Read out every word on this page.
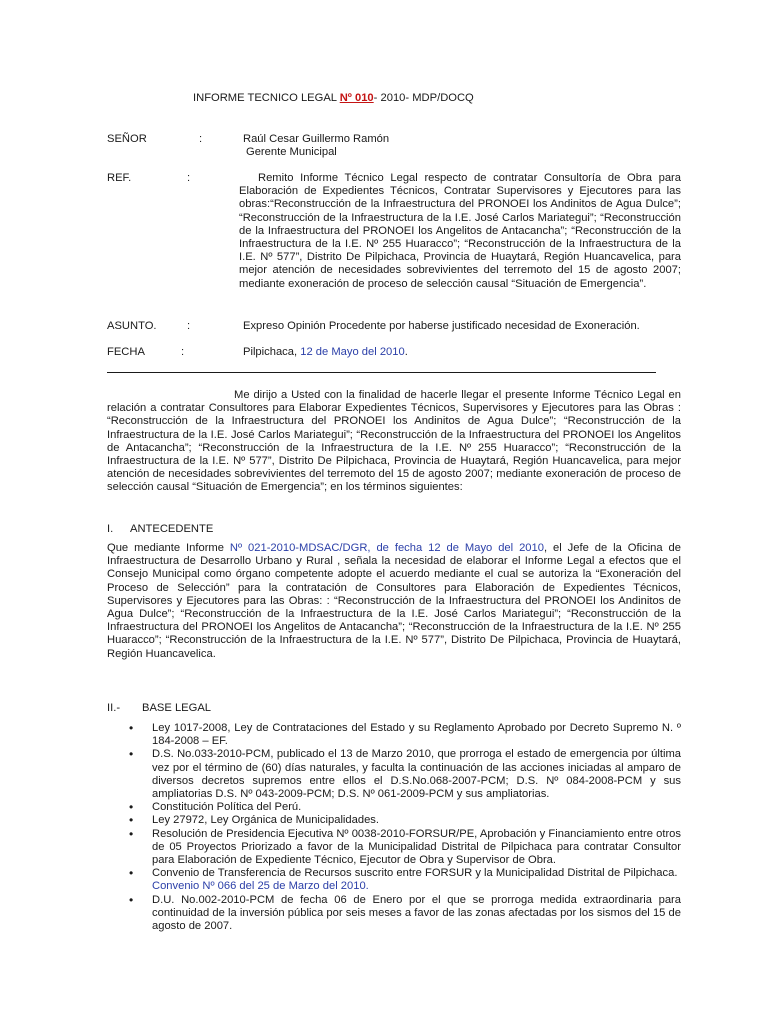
INFORME TECNICO LEGAL Nº 010- 2010- MDP/DOCQ
SEÑOR	:	Raúl Cesar Guillermo Ramón
Gerente Municipal
REF.	:	Remito Informe Técnico Legal respecto de contratar Consultoría de Obra para Elaboración de Expedientes Técnicos, Contratar Supervisores y Ejecutores para las obras:“Reconstrucción de la Infraestructura del PRONOEI los Andinitos de Agua Dulce”; “Reconstrucción de la Infraestructura de la I.E. José Carlos Mariategui”; “Reconstrucción de la Infraestructura del PRONOEI los Angelitos de Antacancha”; “Reconstrucción de la Infraestructura de la I.E. Nº 255 Huaracco”; “Reconstrucción de la Infraestructura de la I.E. Nº 577”, Distrito De Pilpichaca, Provincia de Huaytará, Región Huancavelica, para mejor atención de necesidades sobrevivientes del terremoto del 15 de agosto 2007; mediante exoneración de proceso de selección causal “Situación de Emergencia”.
ASUNTO.	:	Expreso Opinión Procedente por haberse justificado necesidad de Exoneración.
FECHA	:	Pilpichaca, 12 de Mayo del 2010.
Me dirijo a Usted con la finalidad de hacerle llegar el presente Informe Técnico Legal en relación a contratar Consultores para Elaborar Expedientes Técnicos, Supervisores y Ejecutores para las Obras : “Reconstrucción de la Infraestructura del PRONOEI los Andinitos de Agua Dulce”; “Reconstrucción de la Infraestructura de la I.E. José Carlos Mariategui”; “Reconstrucción de la Infraestructura del PRONOEI los Angelitos de Antacancha”; “Reconstrucción de la Infraestructura de la I.E. Nº 255 Huaracco”; “Reconstrucción de la Infraestructura de la I.E. Nº 577”, Distrito De Pilpichaca, Provincia de Huaytará, Región Huancavelica, para mejor atención de necesidades sobrevivientes del terremoto del 15 de agosto 2007; mediante exoneración de proceso de selección causal “Situación de Emergencia”; en los términos siguientes:
I. ANTECEDENTE
Que mediante Informe Nº 021-2010-MDSAC/DGR, de fecha 12 de Mayo del 2010, el Jefe de la Oficina de Infraestructura de Desarrollo Urbano y Rural , señala la necesidad de elaborar el Informe Legal a efectos que el Consejo Municipal como órgano competente adopte el acuerdo mediante el cual se autoriza la “Exoneración del Proceso de Selección” para la contratación de Consultores para Elaboración de Expedientes Técnicos, Supervisores y Ejecutores para las Obras: : “Reconstrucción de la Infraestructura del PRONOEI los Andinitos de Agua Dulce”; “Reconstrucción de la Infraestructura de la I.E. José Carlos Mariategui”; “Reconstrucción de la Infraestructura del PRONOEI los Angelitos de Antacancha”; “Reconstrucción de la Infraestructura de la I.E. Nº 255 Huaracco”; “Reconstrucción de la Infraestructura de la I.E. Nº 577”, Distrito De Pilpichaca, Provincia de Huaytará, Región Huancavelica.
II.- BASE LEGAL
• Ley 1017-2008, Ley de Contrataciones del Estado y su Reglamento Aprobado por Decreto Supremo N. º 184-2008 – EF.
• D.S. No.033-2010-PCM, publicado el 13 de Marzo 2010, que prorroga el estado de emergencia por última vez por el término de (60) días naturales, y faculta la continuación de las acciones iniciadas al amparo de diversos decretos supremos entre ellos el D.S.No.068-2007-PCM; D.S. Nº 084-2008-PCM y sus ampliatorias D.S. Nº 043-2009-PCM; D.S. Nº 061-2009-PCM y sus ampliatorias.
• Constitución Política del Perú.
• Ley 27972, Ley Orgánica de Municipalidades.
• Resolución de Presidencia Ejecutiva Nº 0038-2010-FORSUR/PE, Aprobación y Financiamiento entre otros de 05 Proyectos Priorizado a favor de la Municipalidad Distrital de Pilpichaca para contratar Consultor para Elaboración de Expediente Técnico, Ejecutor de Obra y Supervisor de Obra.
• Convenio de Transferencia de Recursos suscrito entre FORSUR y la Municipalidad Distrital de Pilpichaca.
Convenio Nº 066 del 25 de Marzo del 2010.
• D.U. No.002-2010-PCM de fecha 06 de Enero por el que se prorroga medida extraordinaria para continuidad de la inversión pública por seis meses a favor de las zonas afectadas por los sismos del 15 de agosto de 2007.
